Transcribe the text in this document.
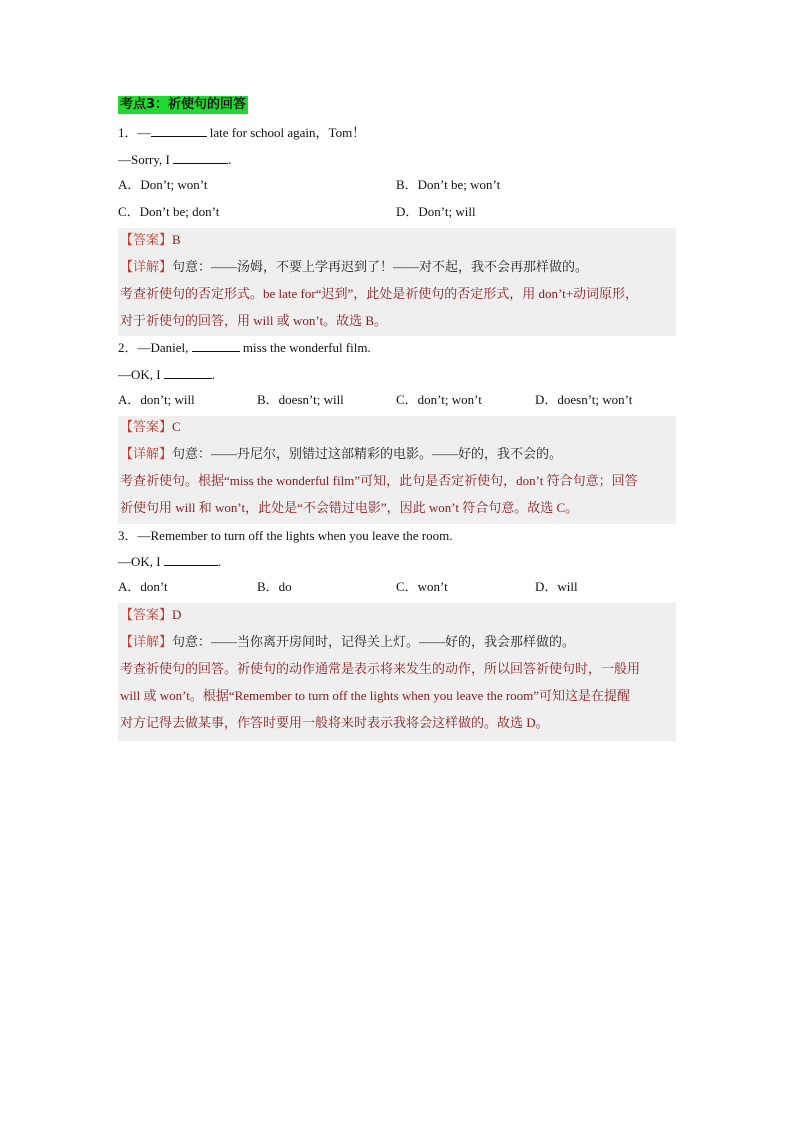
考点3：祈使句的回答
1．—	late for school again，Tom！
—Sorry, I	.
A．Don’t; won’t	B．Don’t be; won’t
C．Don’t be; don’t	D．Don’t; will
【答案】B
【详解】句意：——汤姆，不要上学再迟到了！——对不起，我不会再那样做的。
考查祈使句的否定形式。be late for“迟到”，此处是祈使句的否定形式，用 don’t+动词原形，
对于祈使句的回答，用 will 或 won’t。故选 B。
2．—Daniel,	miss the wonderful film.
—OK, I	.
A．don’t; will	B．doesn’t; will	C．don’t; won’t	D．doesn’t; won’t
【答案】C
【详解】句意：——丹尼尔，别错过这部精彩的电影。——好的，我不会的。
考查祈使句。根据“miss the wonderful film”可知，此句是否定祈使句，don’t 符合句意；回答
祈使句用 will 和 won’t，此处是“不会错过电影”，因此 won’t 符合句意。故选 C。
3．—Remember to turn off the lights when you leave the room.
—OK, I	.
A．don’t	B．do	C．won’t	D．will
【答案】D
【详解】句意：——当你离开房间时，记得关上灯。——好的，我会那样做的。
考查祈使句的回答。祈使句的动作通常是表示将来发生的动作，所以回答祈使句时，一般用
will 或 won’t。根据“Remember to turn off the lights when you leave the room”可知这是在提醒
对方记得去做某事，作答时要用一般将来时表示我将会这样做的。故选 D。
